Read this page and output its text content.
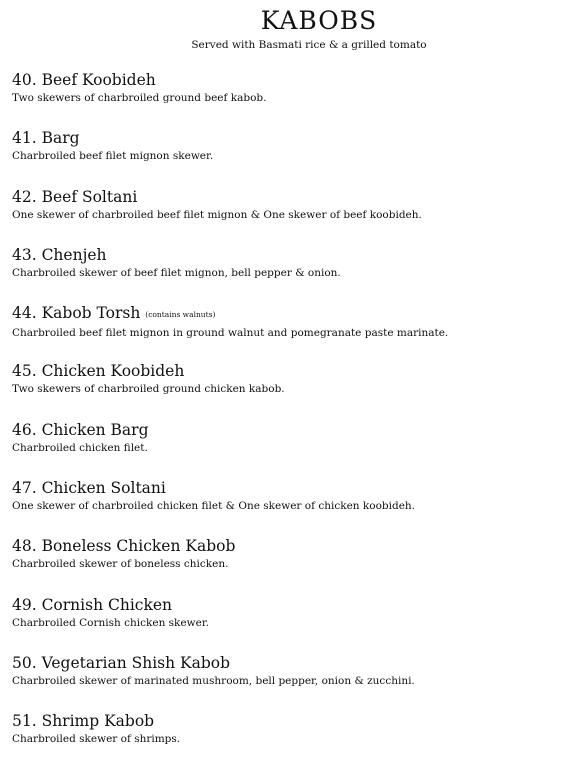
KABOBS

Served with Basmati rice & a grilled tomato

40. Beef Koobideh

Two skewers of charbroiled ground beef kabob.

41. Barg

Charbroiled beef filet mignon skewer.

42. Beef Soltani

One skewer of charbroiled beef filet mignon & One skewer of beef koobideh.

43. Chenjeh

Charbroiled skewer of beef filet mignon, bell pepper & onion.

44. Kabob Torsh (contains walnuts)

Charbroiled beef filet mignon in ground walnut and pomegranate paste marinate.

45. Chicken Koobideh

Two skewers of charbroiled ground chicken kabob.

46. Chicken Barg

Charbroiled chicken filet.

47. Chicken Soltani

One skewer of charbroiled chicken filet & One skewer of chicken koobideh.

48. Boneless Chicken Kabob

Charbroiled skewer of boneless chicken.

49. Cornish Chicken

Charbroiled Cornish chicken skewer.

50. Vegetarian Shish Kabob

Charbroiled skewer of marinated mushroom, bell pepper, onion & zucchini.

51. Shrimp Kabob

Charbroiled skewer of shrimps.
